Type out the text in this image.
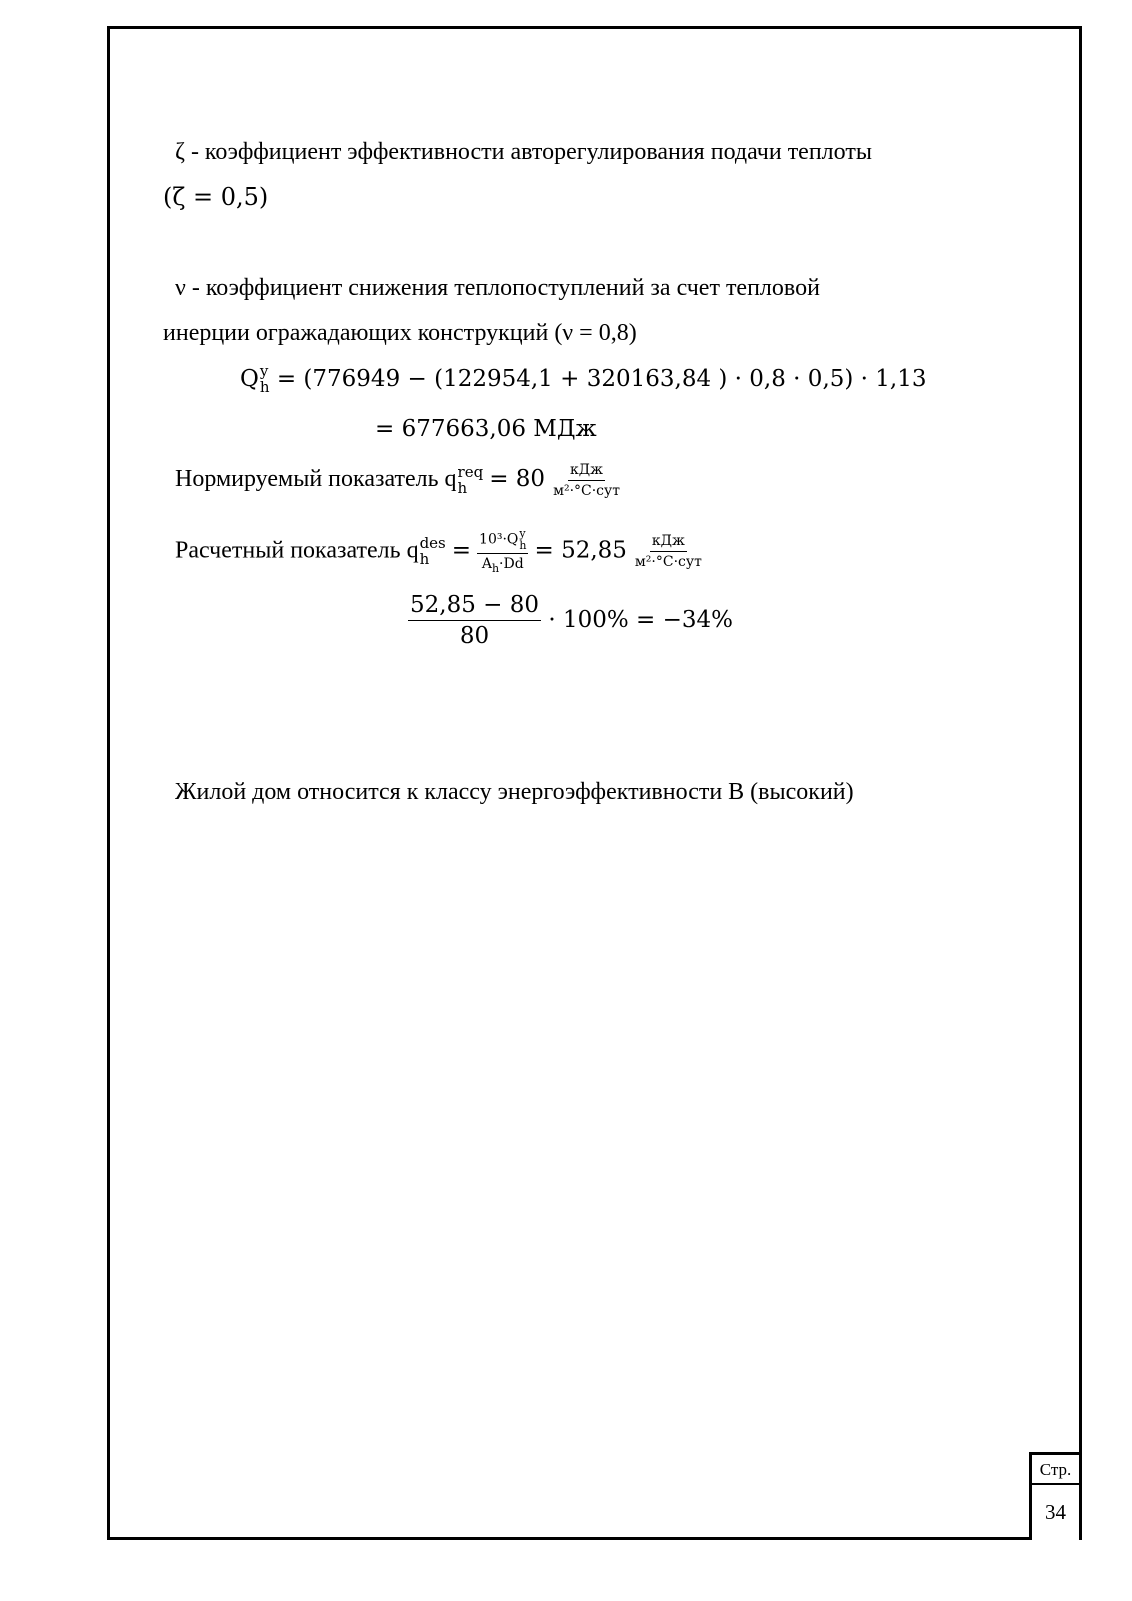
ζ - коэффициент эффективности авторегулирования подачи теплоты
(ζ = 0,5)
ν - коэффициент снижения теплопоступлений за счет тепловой
инерции огражадающих конструкций (ν = 0,8)
Q y
h = (776949 − (122954,1 + 320163,84 ) · 0,8 · 0,5) · 1,13
= 677663,06 МДж
Нормируемый показатель q req
$h = 80 \frac{\text{кДж}}{\text{м²·°С·сут}}$
Расчетный показатель q des
h = 10³·Q y
h
$A_h\cdot Dd = 52,85 \frac{\text{кДж}}{\text{м²·°С·сут}}$
$\frac{52,85 - 80}{80} \cdot 100\% = -34\%$
Жилой дом относится к классу энергоэффективности В (высокий)
Стр.
34
